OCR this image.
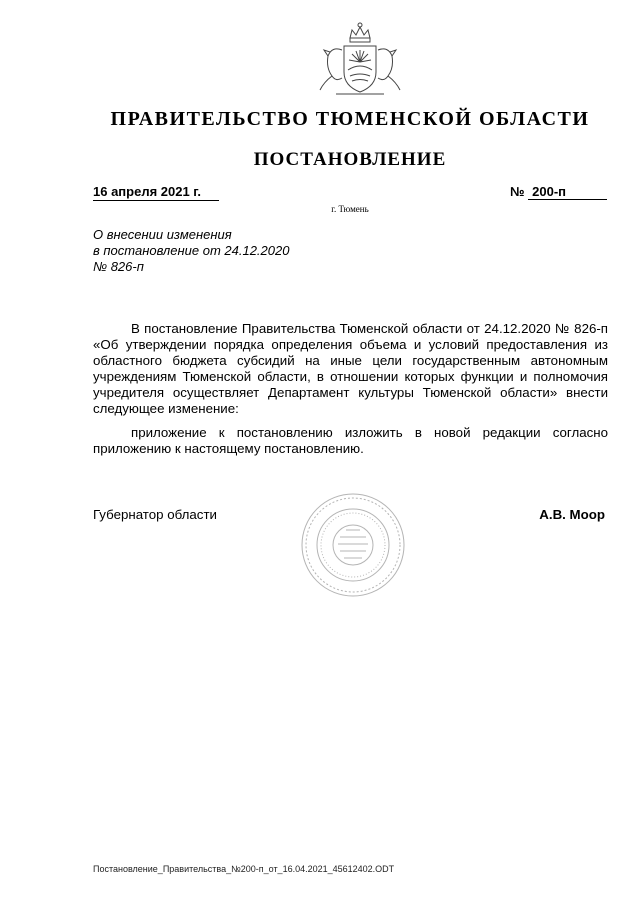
ПРАВИТЕЛЬСТВО ТЮМЕНСКОЙ ОБЛАСТИ
ПОСТАНОВЛЕНИЕ
16 апреля 2021 г.	№ 200-п
г. Тюмень
О внесении изменения
в постановление от 24.12.2020
№ 826-п

В постановление Правительства Тюменской области от 24.12.2020 № 826-п «Об утверждении порядка определения объема и условий предоставления из областного бюджета субсидий на иные цели государственным автономным учреждениям Тюменской области, в отношении которых функции и полномочия учредителя осуществляет Департамент культуры Тюменской области» внести следующее изменение:

приложение к постановлению изложить в новой редакции согласно приложению к настоящему постановлению.

Губернатор области	А.В. Моор
Постановление_Правительства_№200-п_от_16.04.2021_45612402.ODT
